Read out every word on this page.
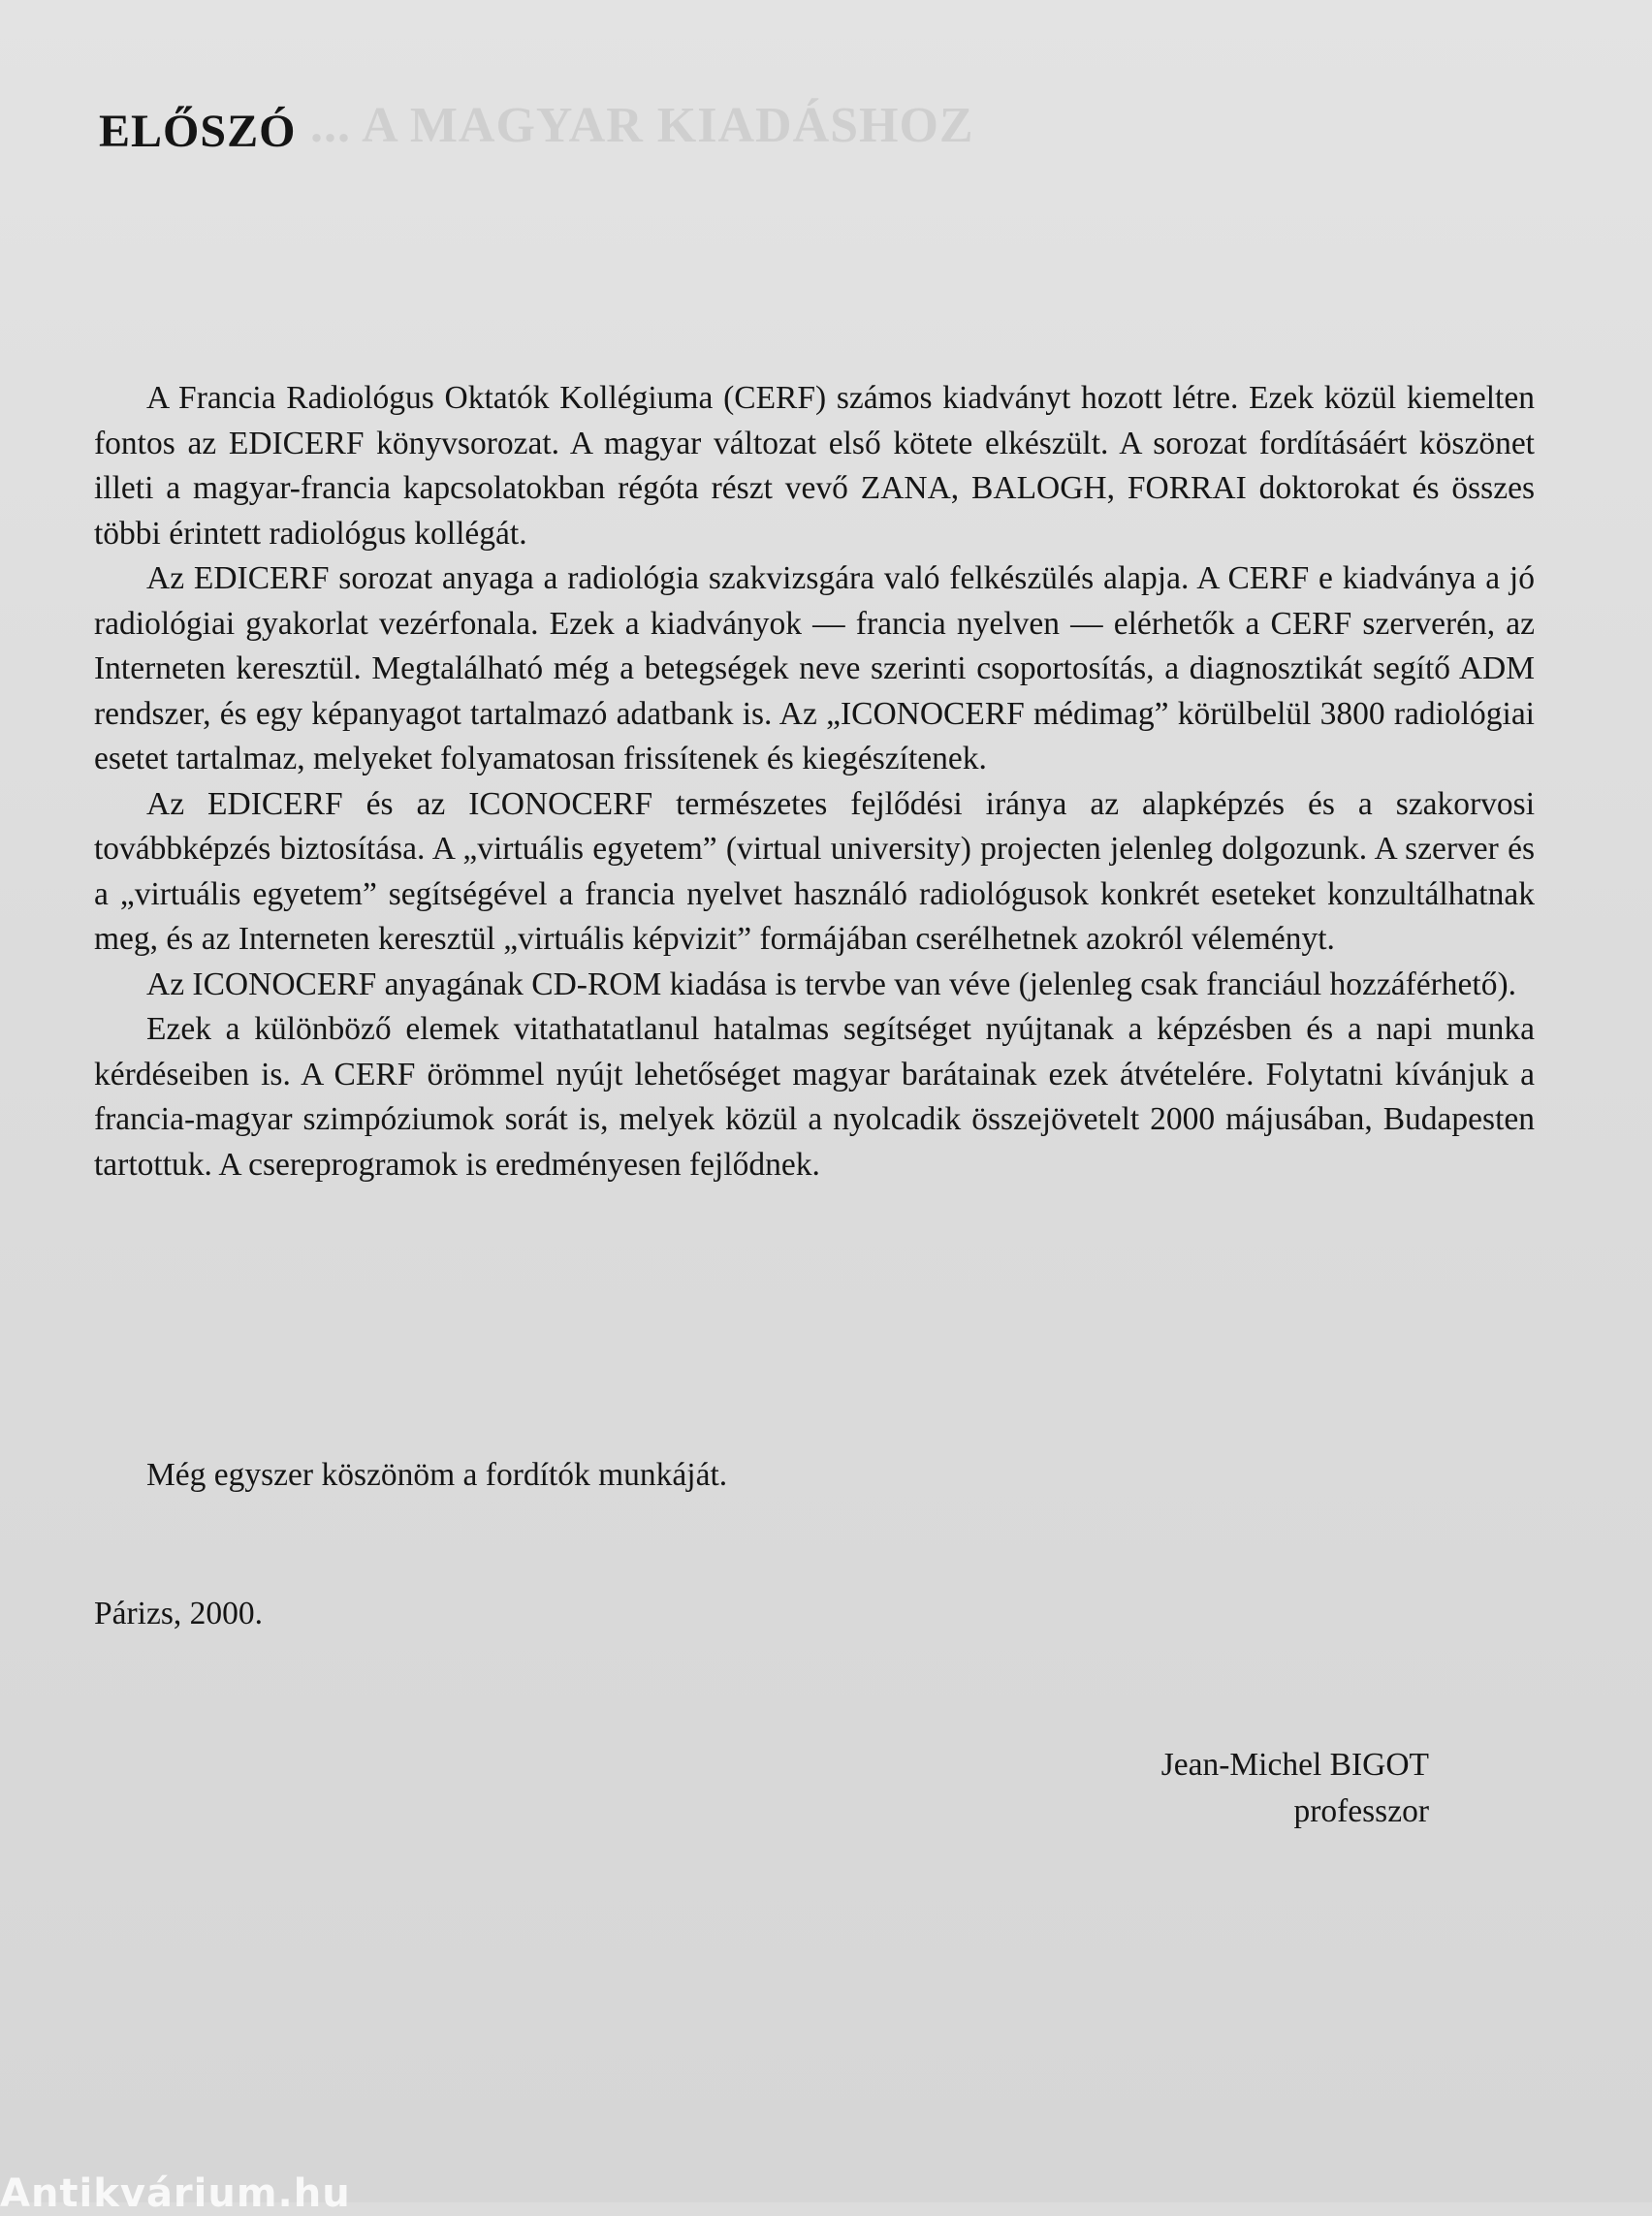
... A MAGYAR KIADÁSHOZ
ELŐSZÓ

A Francia Radiológus Oktatók Kollégiuma (CERF) számos kiadványt hozott létre. Ezek közül kiemelten fontos az EDICERF könyvsorozat. A magyar változat első kötete elkészült. A sorozat fordításáért köszönet illeti a magyar-francia kapcsolatokban régóta részt vevő ZANA, BALOGH, FORRAI doktorokat és összes többi érintett radiológus kollégát.

Az EDICERF sorozat anyaga a radiológia szakvizsgára való felkészülés alapja. A CERF e kiadványa a jó radiológiai gyakorlat vezérfonala. Ezek a kiadványok — francia nyelven — elérhetők a CERF szerverén, az Interneten keresztül. Megtalálható még a betegségek neve szerinti csoportosítás, a diagnosztikát segítő ADM rendszer, és egy képanyagot tartalmazó adatbank is. Az „ICONOCERF médimag” körülbelül 3800 radiológiai esetet tartalmaz, melyeket folyamatosan frissítenek és kiegészítenek.

Az EDICERF és az ICONOCERF természetes fejlődési iránya az alapképzés és a szakorvosi továbbképzés biztosítása. A „virtuális egyetem” (virtual university) projecten jelenleg dolgozunk. A szerver és a „virtuális egyetem” segítségével a francia nyelvet használó radiológusok konkrét eseteket konzultálhatnak meg, és az Interneten keresztül „virtuális képvizit” formájában cserélhetnek azokról véleményt.

Az ICONOCERF anyagának CD-ROM kiadása is tervbe van véve (jelenleg csak franciául hozzáférhető).

Ezek a különböző elemek vitathatatlanul hatalmas segítséget nyújtanak a képzésben és a napi munka kérdéseiben is. A CERF örömmel nyújt lehetőséget magyar barátainak ezek átvételére. Folytatni kívánjuk a francia-magyar szimpóziumok sorát is, melyek közül a nyolcadik összejövetelt 2000 májusában, Budapesten tartottuk. A csereprogramok is eredményesen fejlődnek.

Még egyszer köszönöm a fordítók munkáját.

Párizs, 2000.

Jean-Michel BIGOT
professzor
Antikvárium.hu
